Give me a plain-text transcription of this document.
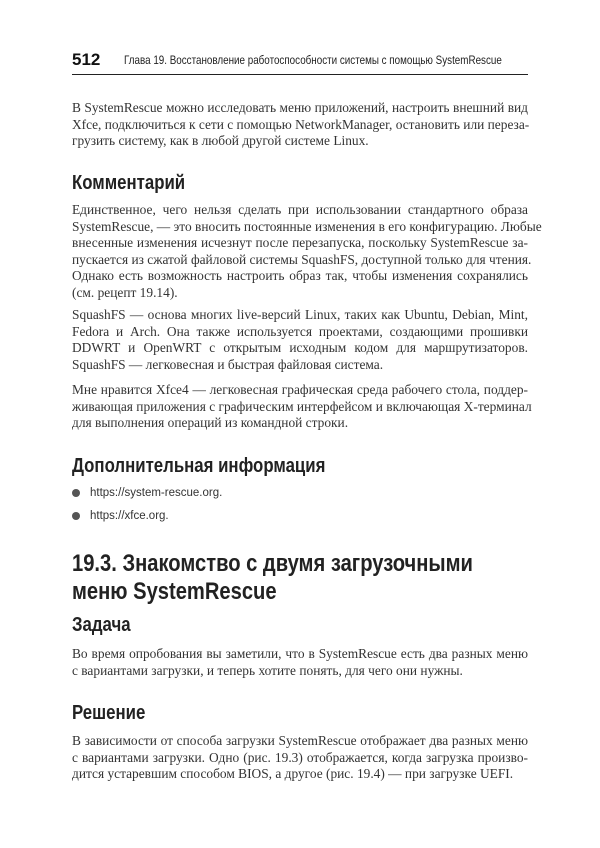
512 Глава 19. Восстановление работоспособности системы с помощью SystemRescue
В SystemRescue можно исследовать меню приложений, настроить внешний вид
Xfce, подключиться к сети с помощью NetworkManager, остановить или переза-
грузить систему, как в любой другой системе Linux.
Комментарий
Единственное, чего нельзя сделать при использовании стандартного образа
SystemRescue, — это вносить постоянные изменения в его конфигурацию. Любые
внесенные изменения исчезнут после перезапуска, поскольку SystemRescue за-
пускается из сжатой файловой системы SquashFS, доступной только для чтения.
Однако есть возможность настроить образ так, чтобы изменения сохранялись
(см. рецепт 19.14).
SquashFS — основа многих live-версий Linux, таких как Ubuntu, Debian, Mint,
Fedora и Arch. Она также используется проектами, создающими прошивки
DDWRT и OpenWRT с открытым исходным кодом для маршрутизаторов.
SquashFS — легковесная и быстрая файловая система.
Мне нравится Xfce4 — легковесная графическая среда рабочего стола, поддер-
живающая приложения с графическим интерфейсом и включающая X-терминал
для выполнения операций из командной строки.
Дополнительная информация
https://system-rescue.org.
https://xfce.org.
19.3. Знакомство с двумя загрузочными
меню SystemRescue
Задача
Во время опробования вы заметили, что в SystemRescue есть два разных меню
с вариантами загрузки, и теперь хотите понять, для чего они нужны.
Решение
В зависимости от способа загрузки SystemRescue отображает два разных меню
с вариантами загрузки. Одно (рис. 19.3) отображается, когда загрузка произво-
дится устаревшим способом BIOS, а другое (рис. 19.4) — при загрузке UEFI.
